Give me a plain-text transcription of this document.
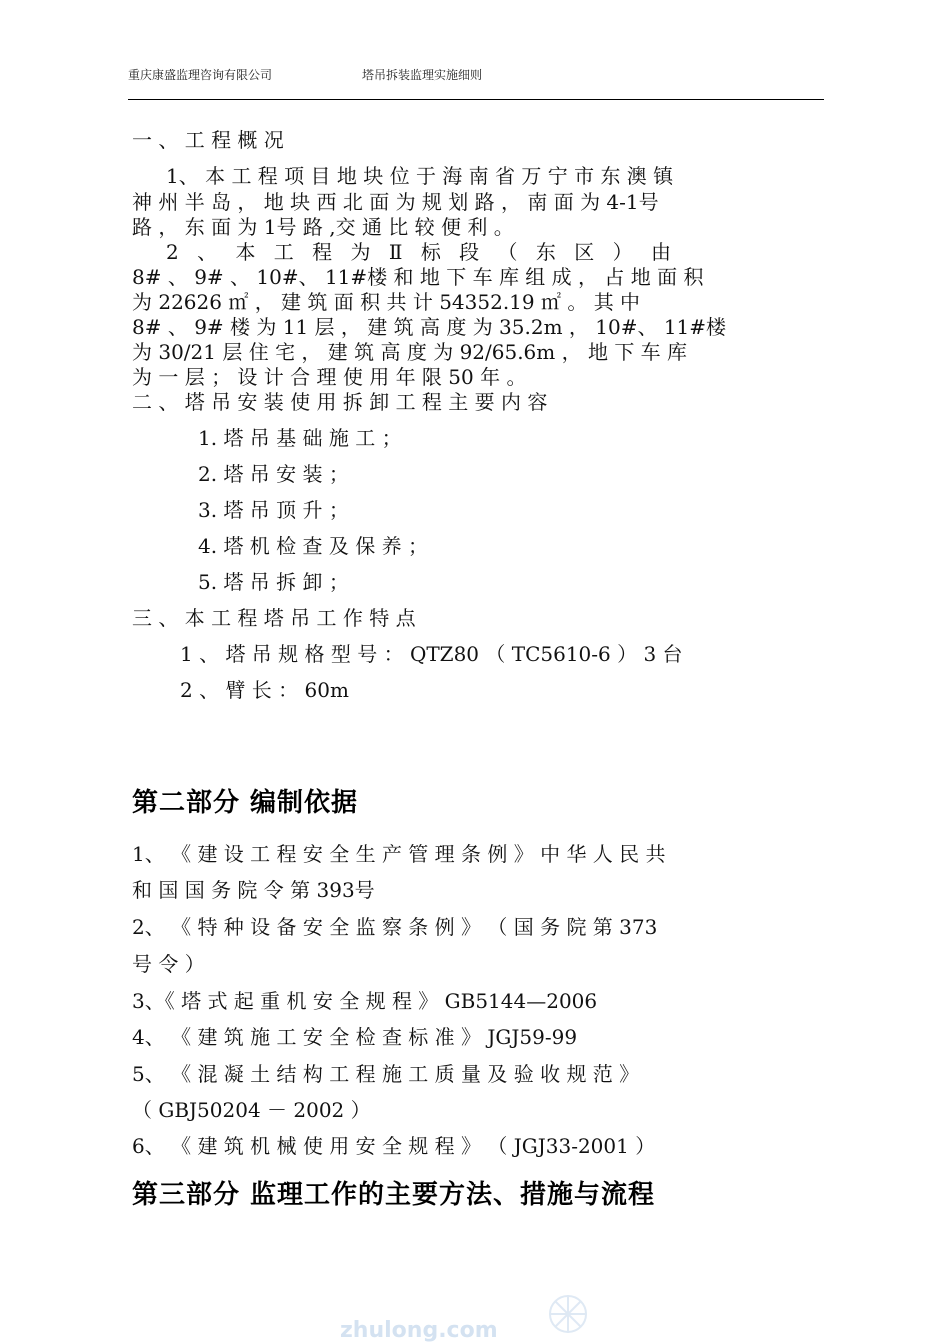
重庆康盛监理咨询有限公司	塔吊拆装监理实施细则
一 、 工 程 概 况
1、 本 工 程 项 目 地 块 位 于 海 南 省 万 宁 市 东 澳 镇
神 州 半 岛 ， 地 块 西 北 面 为 规 划 路 ， 南 面 为 4-1号
路 ， 东 面 为 1号 路 ,交 通 比 较 便 利 。
2 、 本 工 程 为 Ⅱ 标 段 （ 东 区 ） 由
8# 、 9# 、 10#、 11#楼 和 地 下 车 库 组 成 ， 占 地 面 积
为 22626 ㎡ ， 建 筑 面 积 共 计 54352.19 ㎡ 。 其 中
8# 、 9# 楼 为 11 层 ， 建 筑 高 度 为 35.2m ， 10#、 11#楼
为 30/21 层 住 宅 ， 建 筑 高 度 为 92/65.6m ， 地 下 车 库
为 一 层 ； 设 计 合 理 使 用 年 限 50 年 。
二 、 塔 吊 安 装 使 用 拆 卸 工 程 主 要 内 容
1. 塔 吊 基 础 施 工 ；
2. 塔 吊 安 装 ；
3. 塔 吊 顶 升 ；
4. 塔 机 检 查 及 保 养 ；
5. 塔 吊 拆 卸 ；
三 、 本 工 程 塔 吊 工 作 特 点
1 、 塔 吊 规 格 型 号 ： QTZ80 （ TC5610-6 ） 3 台
2 、 臂 长 ： 60m
第二部分 编制依据
1、 《 建 设 工 程 安 全 生 产 管 理 条 例 》 中 华 人 民 共
和 国 国 务 院 令 第 393号
2、 《 特 种 设 备 安 全 监 察 条 例 》 （ 国 务 院 第 373
号 令 ）
3、《 塔 式 起 重 机 安 全 规 程 》 GB5144—2006
4、 《 建 筑 施 工 安 全 检 查 标 准 》 JGJ59-99
5、 《 混 凝 土 结 构 工 程 施 工 质 量 及 验 收 规 范 》
（ GBJ50204 － 2002 ）
6、 《 建 筑 机 械 使 用 安 全 规 程 》 （ JGJ33-2001 ）
第三部分 监理工作的主要方法、措施与流程
zhulong.com
